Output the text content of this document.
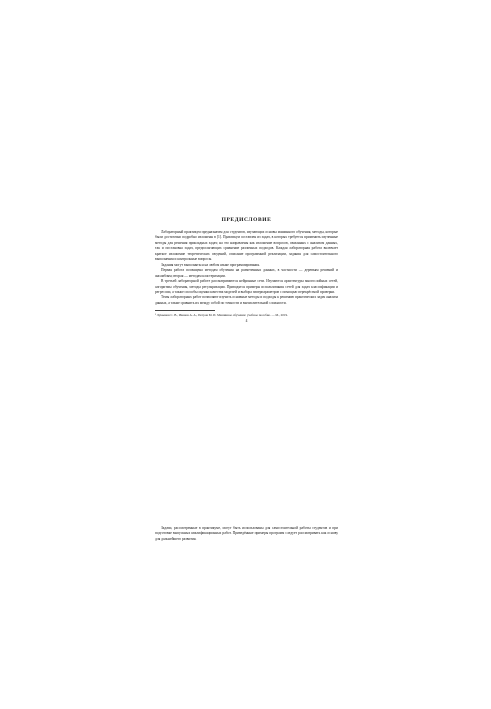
ПРЕДИСЛОВИЕ

Лабораторный практикум предназначен для студентов, изучающих основы машинного обучения, методы, которые были достаточно подробно изложены в [1]. Практикум составлен из задач, в которых требуется применить изученные методы для решения прикладных задач; на это направлены как изложение вопросов, связанных с анализом данных, так и постановка задач, предполагающих сравнение различных подходов. Каждая лабораторная работа включает краткое изложение теоретических сведений, описание программной реализации, задания для самостоятельного выполнения и контрольные вопросы.

Задания могут выполняться на любом языке программирования.

Первая работа посвящена методам обучения на размеченных данных, в частности — деревьям решений и ансамблям; вторая — методам кластеризации.

В третьей лабораторной работе рассматриваются нейронные сети. Изучаются архитектуры многослойных сетей, алгоритмы обучения, методы регуляризации. Приводятся примеры использования сетей для задач классификации и регрессии, а также способы оценки качества моделей и выбора гиперпараметров с помощью перекрёстной проверки.

Темы лабораторных работ позволяют изучить основные методы и подходы к решению практических задач анализа данных, а также сравнить их между собой по точности и вычислительной сложности.

¹ Лукьянов С. В., Иванов А. А., Петров М. И. Машинное обучение: учебное пособие. — М., 2019.

4

Задачи, рассмотренные в практикуме, могут быть использованы для самостоятельной работы студентов и при подготовке выпускных квалификационных работ. Приведённые примеры программ следует рассматривать как основу для дальнейшего развития.
